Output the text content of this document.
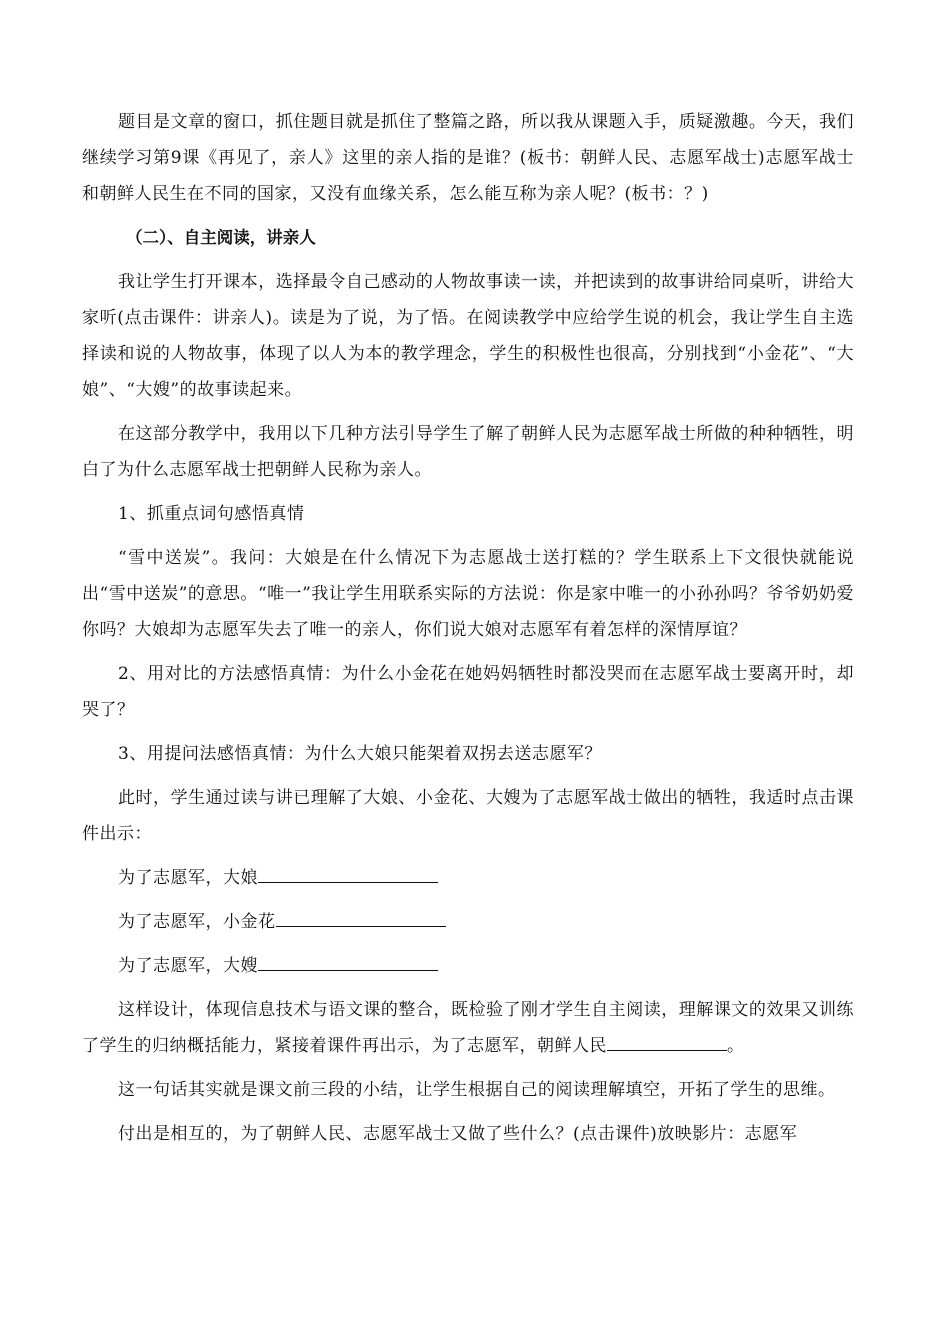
题目是文章的窗口，抓住题目就是抓住了整篇之路，所以我从课题入手，质疑激趣。今天，我们继续学习第9课《再见了，亲人》这里的亲人指的是谁？(板书：朝鲜人民、志愿军战士)志愿军战士和朝鲜人民生在不同的国家，又没有血缘关系，怎么能互称为亲人呢？(板书：？)

（二）、自主阅读，讲亲人

我让学生打开课本，选择最令自己感动的人物故事读一读，并把读到的故事讲给同桌听，讲给大家听(点击课件：讲亲人)。读是为了说，为了悟。在阅读教学中应给学生说的机会，我让学生自主选择读和说的人物故事，体现了以人为本的教学理念，学生的积极性也很高，分别找到“小金花”、“大娘”、“大嫂”的故事读起来。

在这部分教学中，我用以下几种方法引导学生了解了朝鲜人民为志愿军战士所做的种种牺牲，明白了为什么志愿军战士把朝鲜人民称为亲人。

1、抓重点词句感悟真情

“雪中送炭”。我问：大娘是在什么情况下为志愿战士送打糕的？学生联系上下文很快就能说出“雪中送炭”的意思。“唯一”我让学生用联系实际的方法说：你是家中唯一的小孙孙吗？爷爷奶奶爱你吗？大娘却为志愿军失去了唯一的亲人，你们说大娘对志愿军有着怎样的深情厚谊？

2、用对比的方法感悟真情：为什么小金花在她妈妈牺牲时都没哭而在志愿军战士要离开时，却哭了？

3、用提问法感悟真情：为什么大娘只能架着双拐去送志愿军？

此时，学生通过读与讲已理解了大娘、小金花、大嫂为了志愿军战士做出的牺牲，我适时点击课件出示：

为了志愿军，大娘

为了志愿军，小金花

为了志愿军，大嫂

这样设计，体现信息技术与语文课的整合，既检验了刚才学生自主阅读，理解课文的效果又训练了学生的归纳概括能力，紧接着课件再出示，为了志愿军，朝鲜人民	。

这一句话其实就是课文前三段的小结，让学生根据自己的阅读理解填空，开拓了学生的思维。

付出是相互的，为了朝鲜人民、志愿军战士又做了些什么？(点击课件)放映影片：志愿军
